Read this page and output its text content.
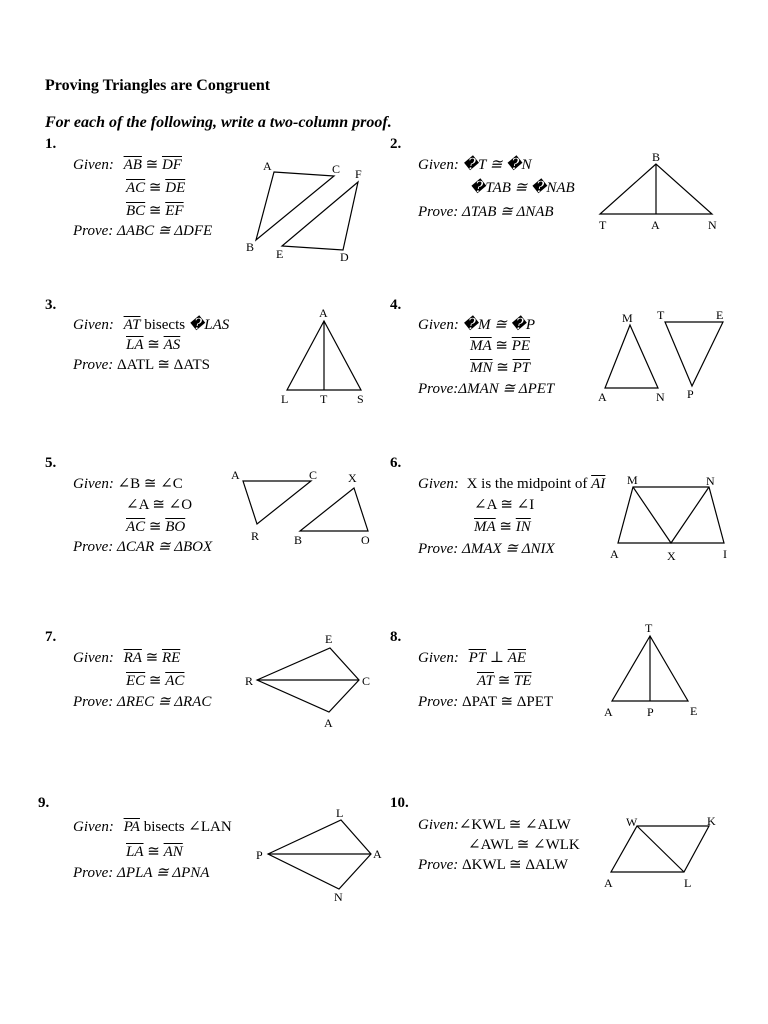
Proving Triangles are Congruent
For each of the following, write a two-column proof.
1.
Given: $\overline{AB}$ ≅ $\overline{DF}$
$\overline{AC}$ ≅ $\overline{DE}$
$\overline{BC}$ ≅ $\overline{EF}$
Prove: ΔABC ≅ ΔDFE
A	C F
B E	D
2.
Given: �T ≅ �N
�TAB ≅ �NAB
Prove: ΔTAB ≅ ΔNAB
B
T	A	N
3.
Given: $\overline{AT}$ bisects �LAS
$\overline{LA}$ ≅ $\overline{AS}$
Prove: ΔATL ≅ ΔATS
A
L	T S
4.
Given: �M ≅ �P
$\overline{MA}$ ≅ $\overline{PE}$
$\overline{MN}$ ≅ $\overline{PT}$
Prove:ΔMAN ≅ ΔPET
M T	E
A	N P
5.
Given: ∠B ≅ ∠C
∠A ≅ ∠O
$\overline{AC}$ ≅ $\overline{BO}$
Prove: ΔCAR ≅ ΔBOX
A	C	X
R	B	O
6.
Given: X is the midpoint of $\overline{AI}$
∠A ≅ ∠I
$\overline{MA}$ ≅ $\overline{IN}$
Prove: ΔMAX ≅ ΔNIX
M	N
A	X	I
7.
Given: $\overline{RA}$ ≅ $\overline{RE}$
$\overline{EC}$ ≅ $\overline{AC}$
Prove: ΔREC ≅ ΔRAC
E
R	C
A
8.
Given: $\overline{PT}$ ⊥ $\overline{AE}$
$\overline{AT}$ ≅ $\overline{TE}$
Prove: ΔPAT ≅ ΔPET
T
A	P	E
9.
Given: $\overline{PA}$ bisects ∠LAN
$\overline{LA}$ ≅ $\overline{AN}$
Prove: ΔPLA ≅ ΔPNA
L
P	A
N
10.
Given:∠KWL ≅ ∠ALW
∠AWL ≅ ∠WLK
Prove: ΔKWL ≅ ΔALW
W	K
A	L
